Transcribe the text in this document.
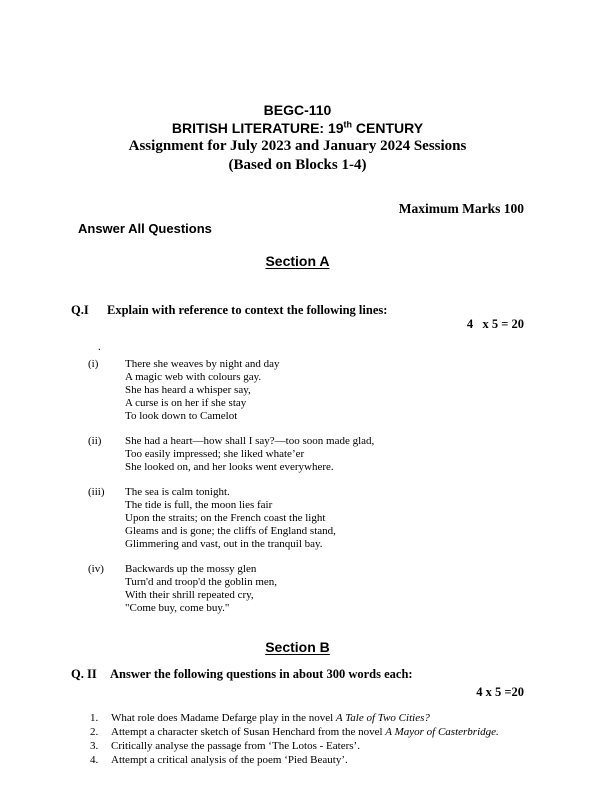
BEGC-110
BRITISH LITERATURE: 19th CENTURY
Assignment for July 2023 and January 2024 Sessions
(Based on Blocks 1-4)
Maximum Marks 100
Answer All Questions
Section A
Q.I	Explain with reference to context the following lines:
4   x 5 = 20
.
(i)	There she weaves by night and day
A magic web with colours gay.
She has heard a whisper say,
A curse is on her if she stay
To look down to Camelot
(ii)	She had a heart—how shall I say?—too soon made glad,
Too easily impressed; she liked whate’er
She looked on, and her looks went everywhere.
(iii)	The sea is calm tonight.
The tide is full, the moon lies fair
Upon the straits; on the French coast the light
Gleams and is gone; the cliffs of England stand,
Glimmering and vast, out in the tranquil bay.
(iv)	Backwards up the mossy glen
Turn'd and troop'd the goblin men,
With their shrill repeated cry,
"Come buy, come buy."
Section B
Q. II	Answer the following questions in about 300 words each:
4 x 5 =20
1.	What role does Madame Defarge play in the novel A Tale of Two Cities?
2.	Attempt a character sketch of Susan Henchard from the novel A Mayor of Casterbridge.
3.	Critically analyse the passage from ‘The Lotos - Eaters’.
4.	Attempt a critical analysis of the poem ‘Pied Beauty’.
